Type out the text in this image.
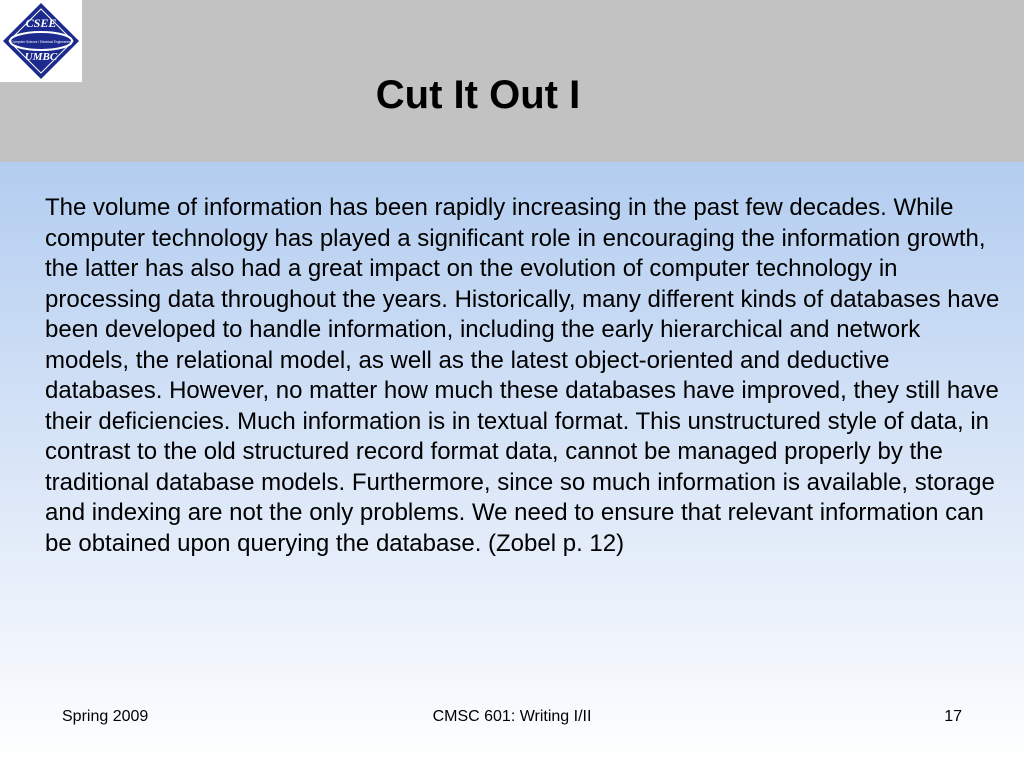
CSEE
Computer Science / Electrical Engineering
UMBC
Cut It Out I

The volume of information has been rapidly increasing in the past few decades. While computer technology has played a significant role in encouraging the information growth, the latter has also had a great impact on the evolution of computer technology in processing data throughout the years. Historically, many different kinds of databases have been developed to handle information, including the early hierarchical and network models, the relational model, as well as the latest object-oriented and deductive databases. However, no matter how much these databases have improved, they still have their deficiencies. Much information is in textual format. This unstructured style of data, in contrast to the old structured record format data, cannot be managed properly by the traditional database models. Furthermore, since so much information is available, storage and indexing are not the only problems. We need to ensure that relevant information can be obtained upon querying the database. (Zobel p. 12)

Spring 2009	CMSC 601: Writing I/II	17
